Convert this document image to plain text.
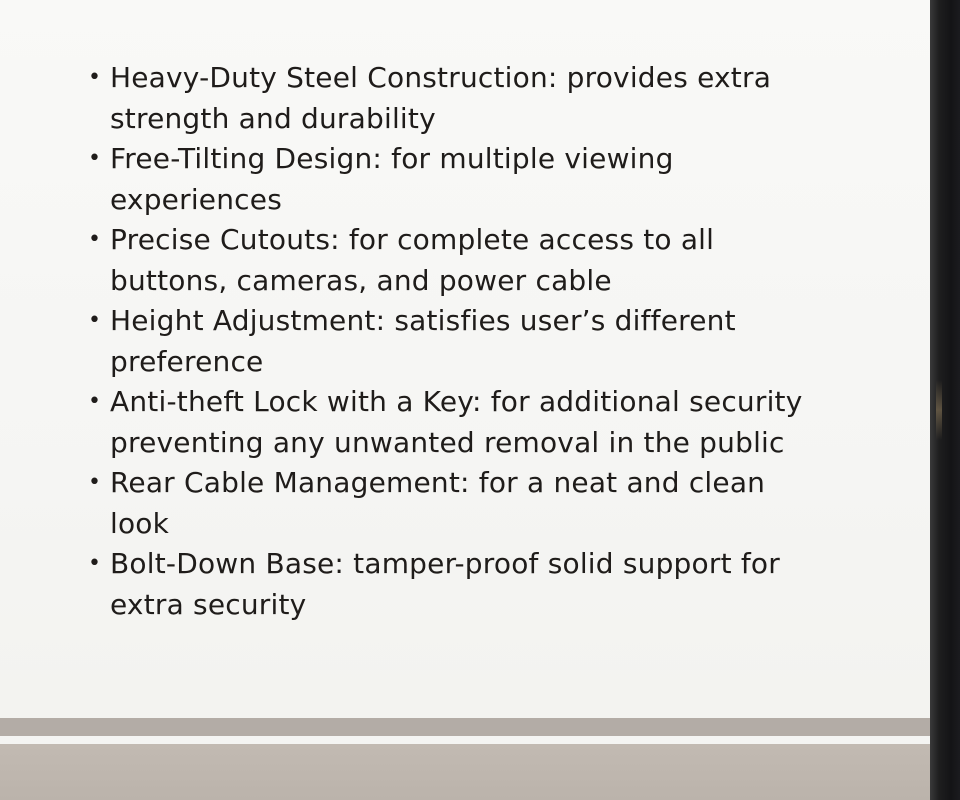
• Heavy-Duty Steel Construction: provides extra strength and durability
• Free-Tilting Design: for multiple viewing experiences
• Precise Cutouts: for complete access to all buttons, cameras, and power cable
• Height Adjustment: satisfies user’s different preference
• Anti-theft Lock with a Key: for additional security preventing any unwanted removal in the public
• Rear Cable Management: for a neat and clean look
• Bolt-Down Base: tamper-proof solid support for extra security
